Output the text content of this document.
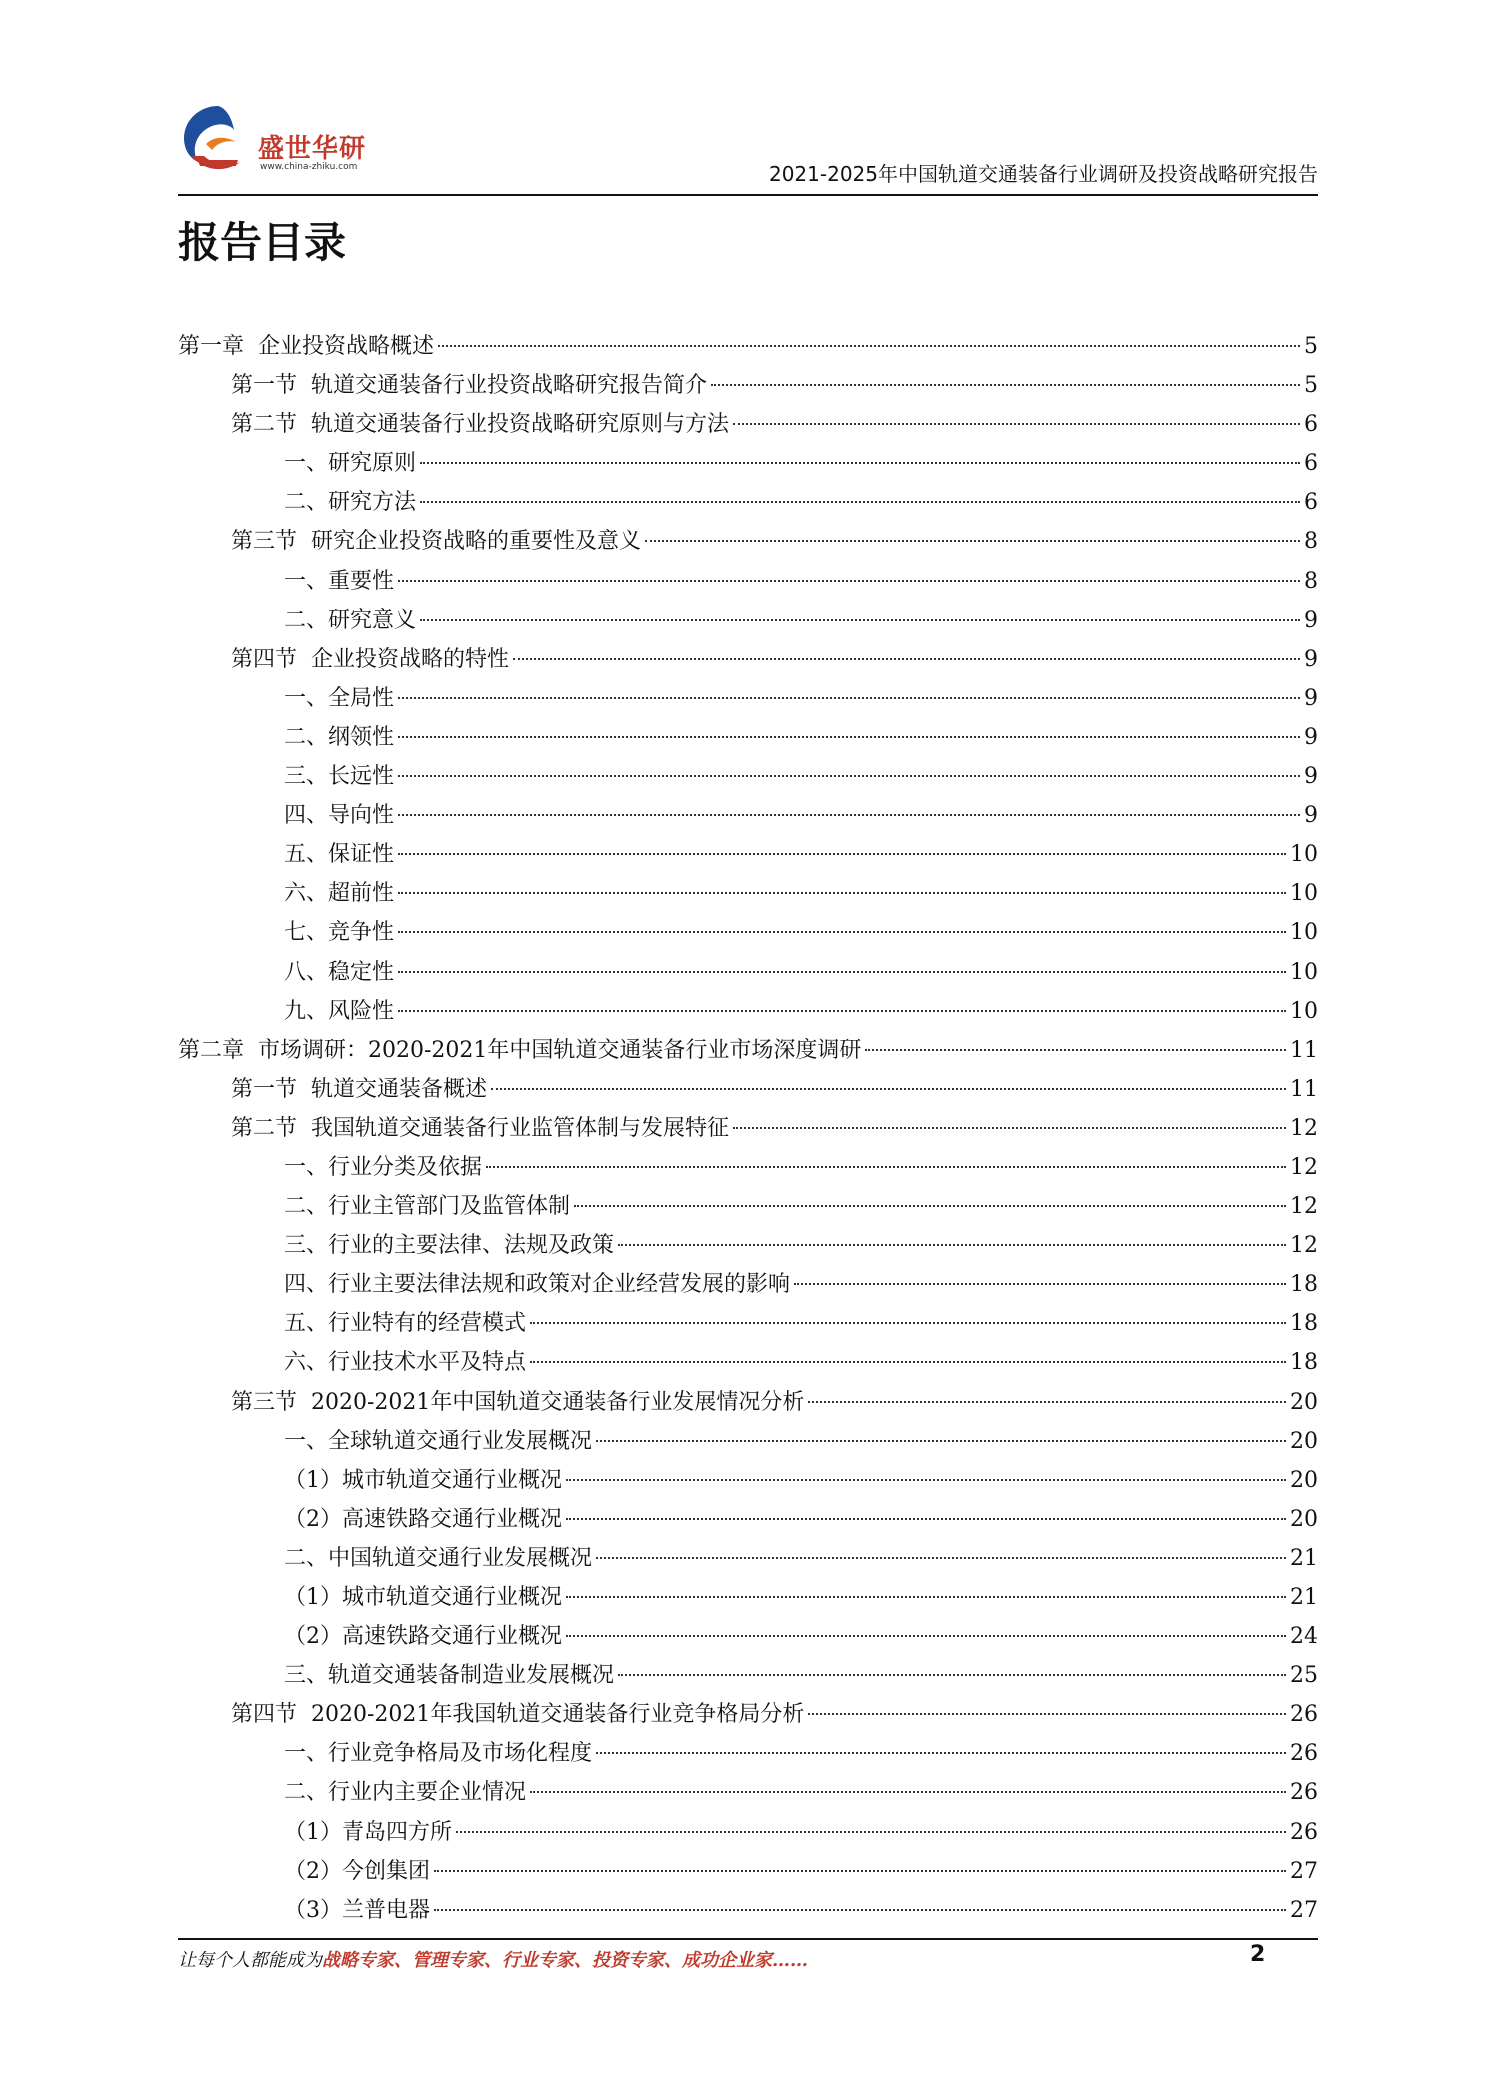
盛世华研
www.china-zhiku.com	2021-2025年中国轨道交通装备行业调研及投资战略研究报告
报告目录
第一章  企业投资战略概述	5
第一节  轨道交通装备行业投资战略研究报告简介	5
第二节  轨道交通装备行业投资战略研究原则与方法	6
一、研究原则	6
二、研究方法	6
第三节  研究企业投资战略的重要性及意义	8
一、重要性	8
二、研究意义	9
第四节  企业投资战略的特性	9
一、全局性	9
二、纲领性	9
三、长远性	9
四、导向性	9
五、保证性	10
六、超前性	10
七、竞争性	10
八、稳定性	10
九、风险性	10
第二章  市场调研：2020-2021年中国轨道交通装备行业市场深度调研	11
第一节  轨道交通装备概述	11
第二节  我国轨道交通装备行业监管体制与发展特征	12
一、行业分类及依据	12
二、行业主管部门及监管体制	12
三、行业的主要法律、法规及政策	12
四、行业主要法律法规和政策对企业经营发展的影响	18
五、行业特有的经营模式	18
六、行业技术水平及特点	18
第三节  2020-2021年中国轨道交通装备行业发展情况分析	20
一、全球轨道交通行业发展概况	20
（1）城市轨道交通行业概况	20
（2）高速铁路交通行业概况	20
二、中国轨道交通行业发展概况	21
（1）城市轨道交通行业概况	21
（2）高速铁路交通行业概况	24
三、轨道交通装备制造业发展概况	25
第四节  2020-2021年我国轨道交通装备行业竞争格局分析	26
一、行业竞争格局及市场化程度	26
二、行业内主要企业情况	26
（1）青岛四方所	26
（2）今创集团	27
（3）兰普电器	27
让每个人都能成为战略专家、管理专家、行业专家、投资专家、成功企业家……	2
